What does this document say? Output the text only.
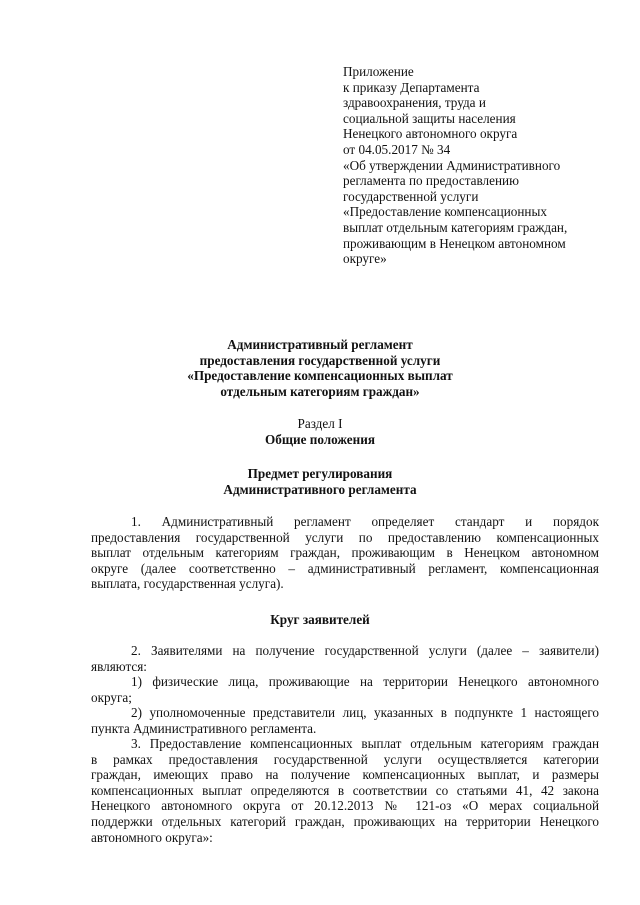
Приложение
к приказу Департамента
здравоохранения, труда и
социальной защиты населения
Ненецкого автономного округа
от 04.05.2017 № 34
«Об утверждении Административного
регламента по предоставлению
государственной услуги
«Предоставление компенсационных
выплат отдельным категориям граждан,
проживающим в Ненецком автономном
округе»
Административный регламент
предоставления государственной услуги
«Предоставление компенсационных выплат
отдельным категориям граждан»
Раздел I
Общие положения
Предмет регулирования
Административного регламента
1. Административный регламент определяет стандарт и порядок
предоставления государственной услуги по предоставлению компенсационных
выплат отдельным категориям граждан, проживающим в Ненецком автономном
округе (далее соответственно – административный регламент, компенсационная
выплата, государственная услуга).
Круг заявителей
2. Заявителями на получение государственной услуги (далее – заявители)
являются:
1) физические лица, проживающие на территории Ненецкого автономного
округа;
2) уполномоченные представители лиц, указанных в подпункте 1 настоящего
пункта Административного регламента.
3. Предоставление компенсационных выплат отдельным категориям граждан
в рамках предоставления государственной услуги осуществляется категории
граждан, имеющих право на получение компенсационных выплат, и размеры
компенсационных выплат определяются в соответствии со статьями 41, 42 закона
Ненецкого автономного округа от 20.12.2013 № 121-оз «О мерах социальной
поддержки отдельных категорий граждан, проживающих на территории Ненецкого
автономного округа»:
